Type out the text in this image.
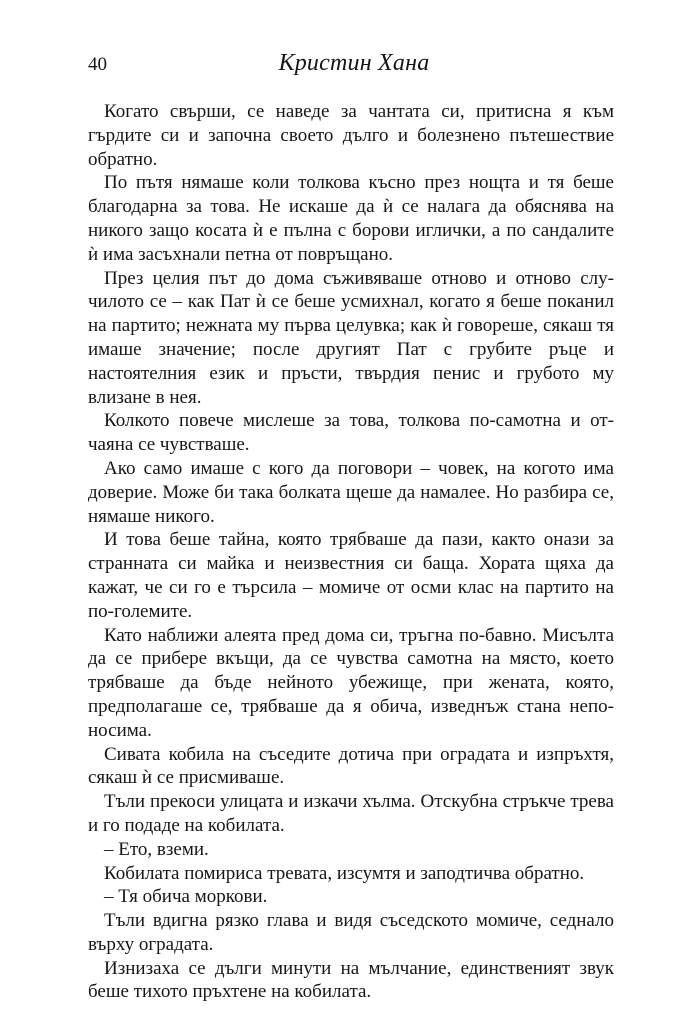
40	Кристин Хана

Когато свърши, се наведе за чантата си, притисна я към гърдите си и започна своето дълго и болезнено пътешествие обратно.

По пътя нямаше коли толкова късно през нощта и тя беше благодарна за това. Не искаше да ѝ се налага да обяснява на никого защо косата ѝ е пълна с борови иглички, а по сандалите ѝ има засъхнали петна от повръщано.

През целия път до дома съживяваше отново и отново случилото се – как Пат ѝ се беше усмихнал, когато я беше поканил на партито; нежната му първа целувка; как ѝ говореше, сякаш тя имаше значение; после другият Пат с грубите ръце и настоятелния език и пръсти, твърдия пенис и грубото му влизане в нея.

Колкото повече мислеше за това, толкова по-самотна и отчаяна се чувстваше.

Ако само имаше с кого да поговори – човек, на когото има доверие. Може би така болката щеше да намалее. Но разбира се, нямаше никого.

И това беше тайна, която трябваше да пази, както онази за странната си майка и неизвестния си баща. Хората щяха да кажат, че си го е търсила – момиче от осми клас на партито на по-големите.

Като наближи алеята пред дома си, тръгна по-бавно. Мисълта да се прибере вкъщи, да се чувства самотна на място, което трябваше да бъде нейното убежище, при жената, която, предполагаше се, трябваше да я обича, изведнъж стана непоносима.

Сивата кобила на съседите дотича при оградата и изпръхтя, сякаш ѝ се присмиваше.

Тъли прекоси улицата и изкачи хълма. Отскубна стръкче трева и го подаде на кобилата.

– Ето, вземи.

Кобилата помириса тревата, изсумтя и заподтичва обратно.

– Тя обича моркови.

Тъли вдигна рязко глава и видя съседското момиче, седнало върху оградата.

Изнизаха се дълги минути на мълчание, единственият звук беше тихото пръхтене на кобилата.
